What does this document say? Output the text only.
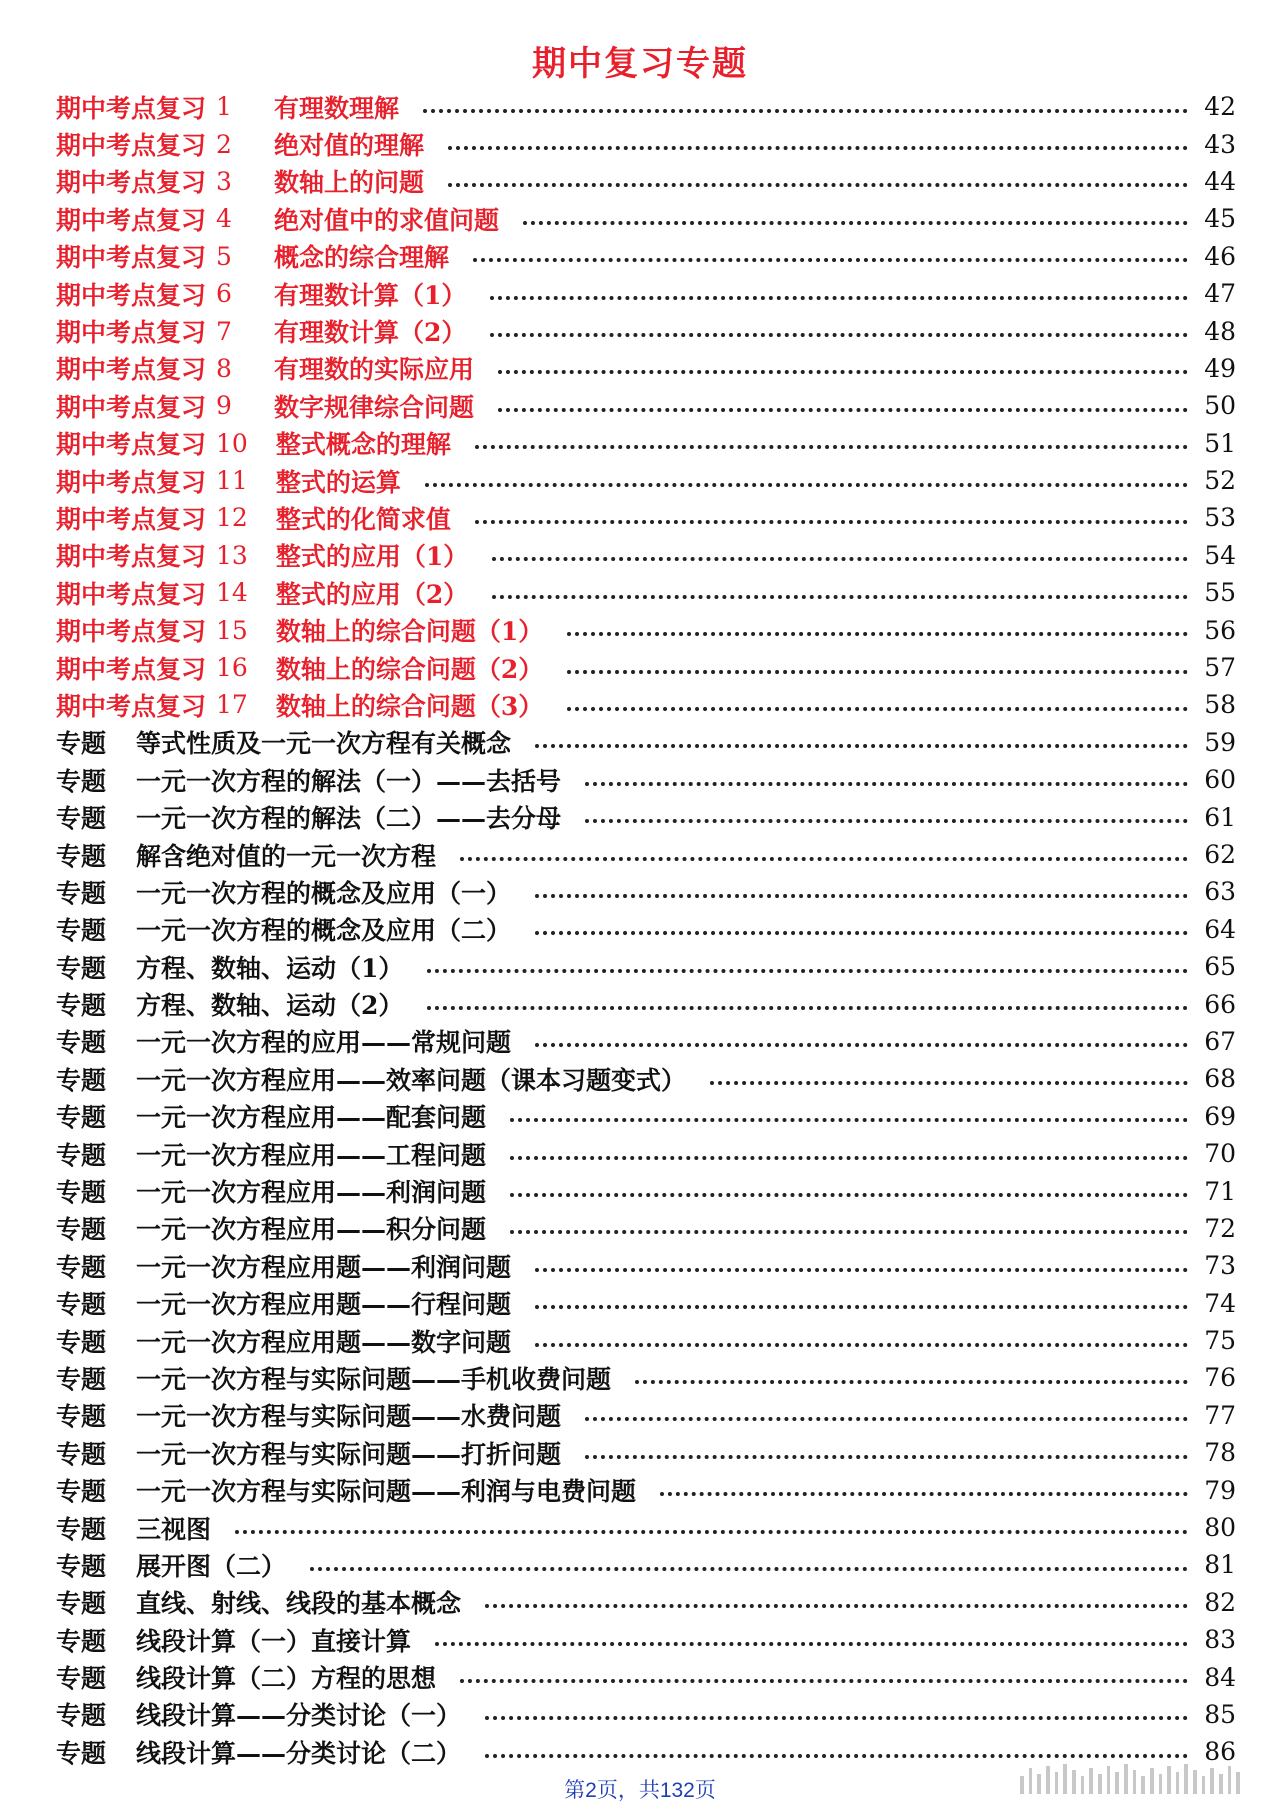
期中复习专题
期中考点复习 1	有理数理解	42
期中考点复习 2	绝对值的理解	43
期中考点复习 3	数轴上的问题	44
期中考点复习 4	绝对值中的求值问题	45
期中考点复习 5	概念的综合理解	46
期中考点复习 6	有理数计算（1）	47
期中考点复习 7	有理数计算（2）	48
期中考点复习 8	有理数的实际应用	49
期中考点复习 9	数字规律综合问题	50
期中考点复习 10 整式概念的理解	51
期中考点复习 11 整式的运算	52
期中考点复习 12 整式的化简求值	53
期中考点复习 13 整式的应用（1）	54
期中考点复习 14 整式的应用（2）	55
期中考点复习 15 数轴上的综合问题（1）	56
期中考点复习 16 数轴上的综合问题（2）	57
期中考点复习 17 数轴上的综合问题（3）	58
专题 等式性质及一元一次方程有关概念	59
专题 一元一次方程的解法（一）——去括号	60
专题 一元一次方程的解法（二）——去分母	61
专题 解含绝对值的一元一次方程	62
专题 一元一次方程的概念及应用（一）	63
专题 一元一次方程的概念及应用（二）	64
专题 方程、数轴、运动（1）	65
专题 方程、数轴、运动（2）	66
专题 一元一次方程的应用——常规问题	67
专题 一元一次方程应用——效率问题（课本习题变式）	68
专题 一元一次方程应用——配套问题	69
专题 一元一次方程应用——工程问题	70
专题 一元一次方程应用——利润问题	71
专题 一元一次方程应用——积分问题	72
专题 一元一次方程应用题——利润问题	73
专题 一元一次方程应用题——行程问题	74
专题 一元一次方程应用题——数字问题	75
专题 一元一次方程与实际问题——手机收费问题	76
专题 一元一次方程与实际问题——水费问题	77
专题 一元一次方程与实际问题——打折问题	78
专题 一元一次方程与实际问题——利润与电费问题	79
专题 三视图	80
专题 展开图（二）	81
专题 直线、射线、线段的基本概念	82
专题 线段计算（一）直接计算	83
专题 线段计算（二）方程的思想	84
专题 线段计算——分类讨论（一）	85
专题 线段计算——分类讨论（二）	86
第2页，共132页
